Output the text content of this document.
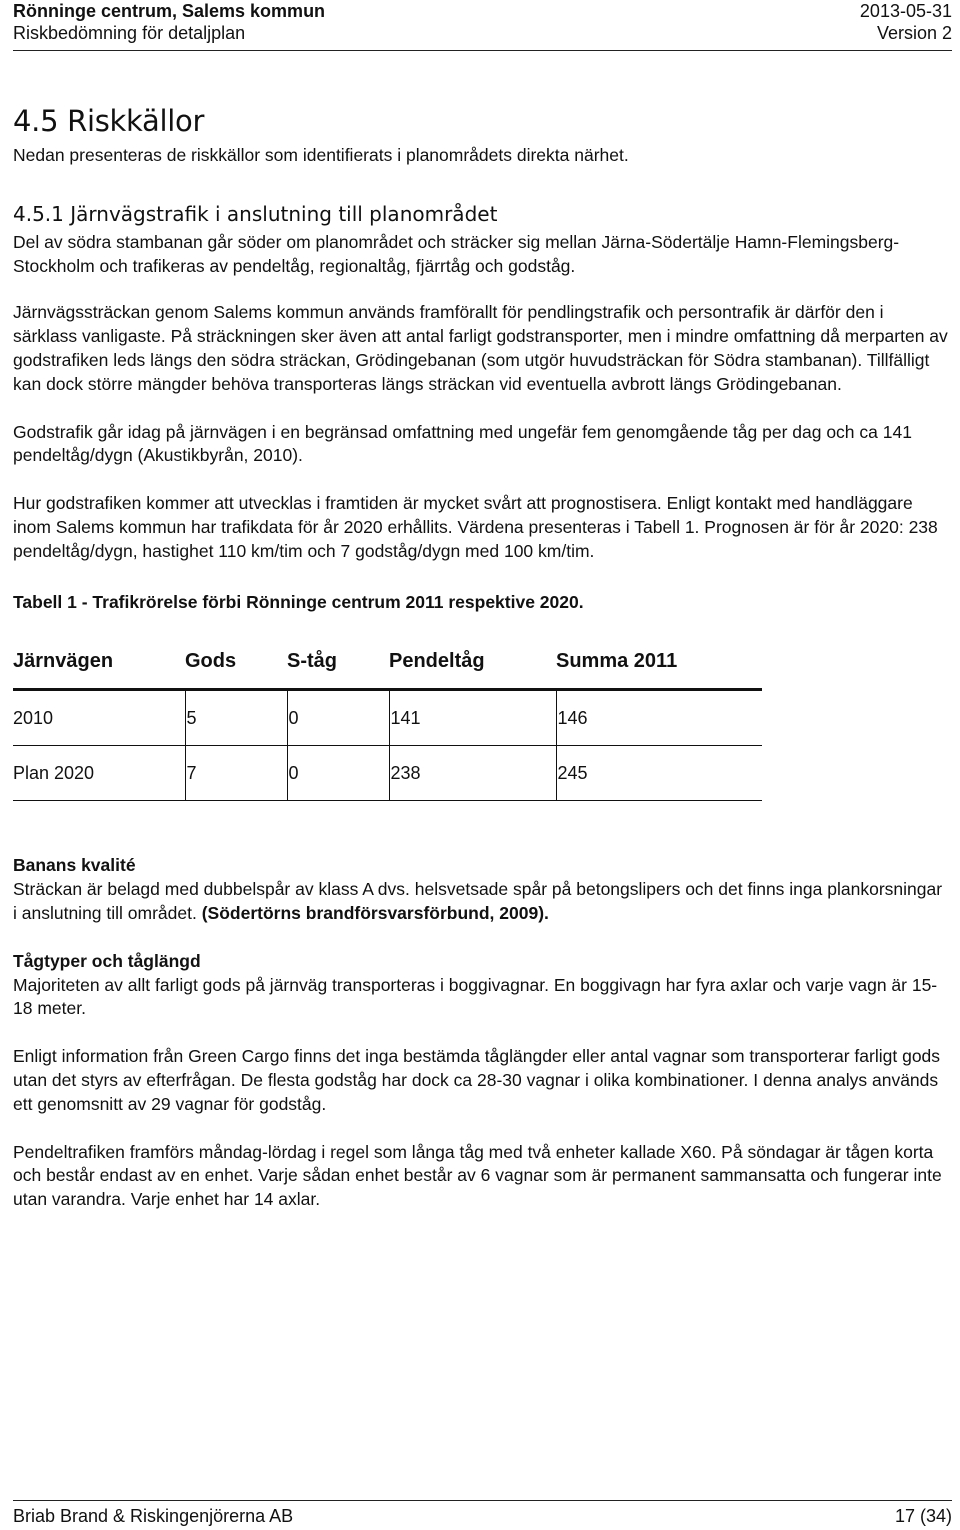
Rönninge centrum, Salems kommun	2013-05-31
Riskbedömning för detaljplan	Version 2
4.5 Riskkällor

Nedan presenteras de riskkällor som identifierats i planområdets direkta närhet.

4.5.1 Järnvägstrafik i anslutning till planområdet

Del av södra stambanan går söder om planområdet och sträcker sig mellan Järna-Södertälje Hamn-Flemingsberg-Stockholm och trafikeras av pendeltåg, regionaltåg, fjärrtåg och godståg.

Järnvägssträckan genom Salems kommun används framförallt för pendlingstrafik och persontrafik är därför den i särklass vanligaste. På sträckningen sker även att antal farligt godstransporter, men i mindre omfattning då merparten av godstrafiken leds längs den södra sträckan, Grödingebanan (som utgör huvudsträckan för Södra stambanan). Tillfälligt kan dock större mängder behöva transporteras längs sträckan vid eventuella avbrott längs Grödingebanan.

Godstrafik går idag på järnvägen i en begränsad omfattning med ungefär fem genomgående tåg per dag och ca 141 pendeltåg/dygn (Akustikbyrån, 2010).

Hur godstrafiken kommer att utvecklas i framtiden är mycket svårt att prognostisera. Enligt kontakt med handläggare inom Salems kommun har trafikdata för år 2020 erhållits. Värdena presenteras i Tabell 1. Prognosen är för år 2020: 238 pendeltåg/dygn, hastighet 110 km/tim och 7 godståg/dygn med 100 km/tim.

Tabell 1 - Trafikrörelse förbi Rönninge centrum 2011 respektive 2020.

Järnvägen	Gods	S-tåg	Pendeltåg	Summa 2011
2010	5	0	141	146
Plan 2020	7	0	238	245

Banans kvalité

Sträckan är belagd med dubbelspår av klass A dvs. helsvetsade spår på betongslipers och det finns inga plankorsningar i anslutning till området. (Södertörns brandförsvarsförbund, 2009).

Tågtyper och tåglängd

Majoriteten av allt farligt gods på järnväg transporteras i boggivagnar. En boggivagn har fyra axlar och varje vagn är 15-18 meter.

Enligt information från Green Cargo finns det inga bestämda tåglängder eller antal vagnar som transporterar farligt gods utan det styrs av efterfrågan. De flesta godståg har dock ca 28-30 vagnar i olika kombinationer. I denna analys används ett genomsnitt av 29 vagnar för godståg.

Pendeltrafiken framförs måndag-lördag i regel som långa tåg med två enheter kallade X60. På söndagar är tågen korta och består endast av en enhet. Varje sådan enhet består av 6 vagnar som är permanent sammansatta och fungerar inte utan varandra. Varje enhet har 14 axlar.

Briab Brand & Riskingenjörerna AB	17 (34)
